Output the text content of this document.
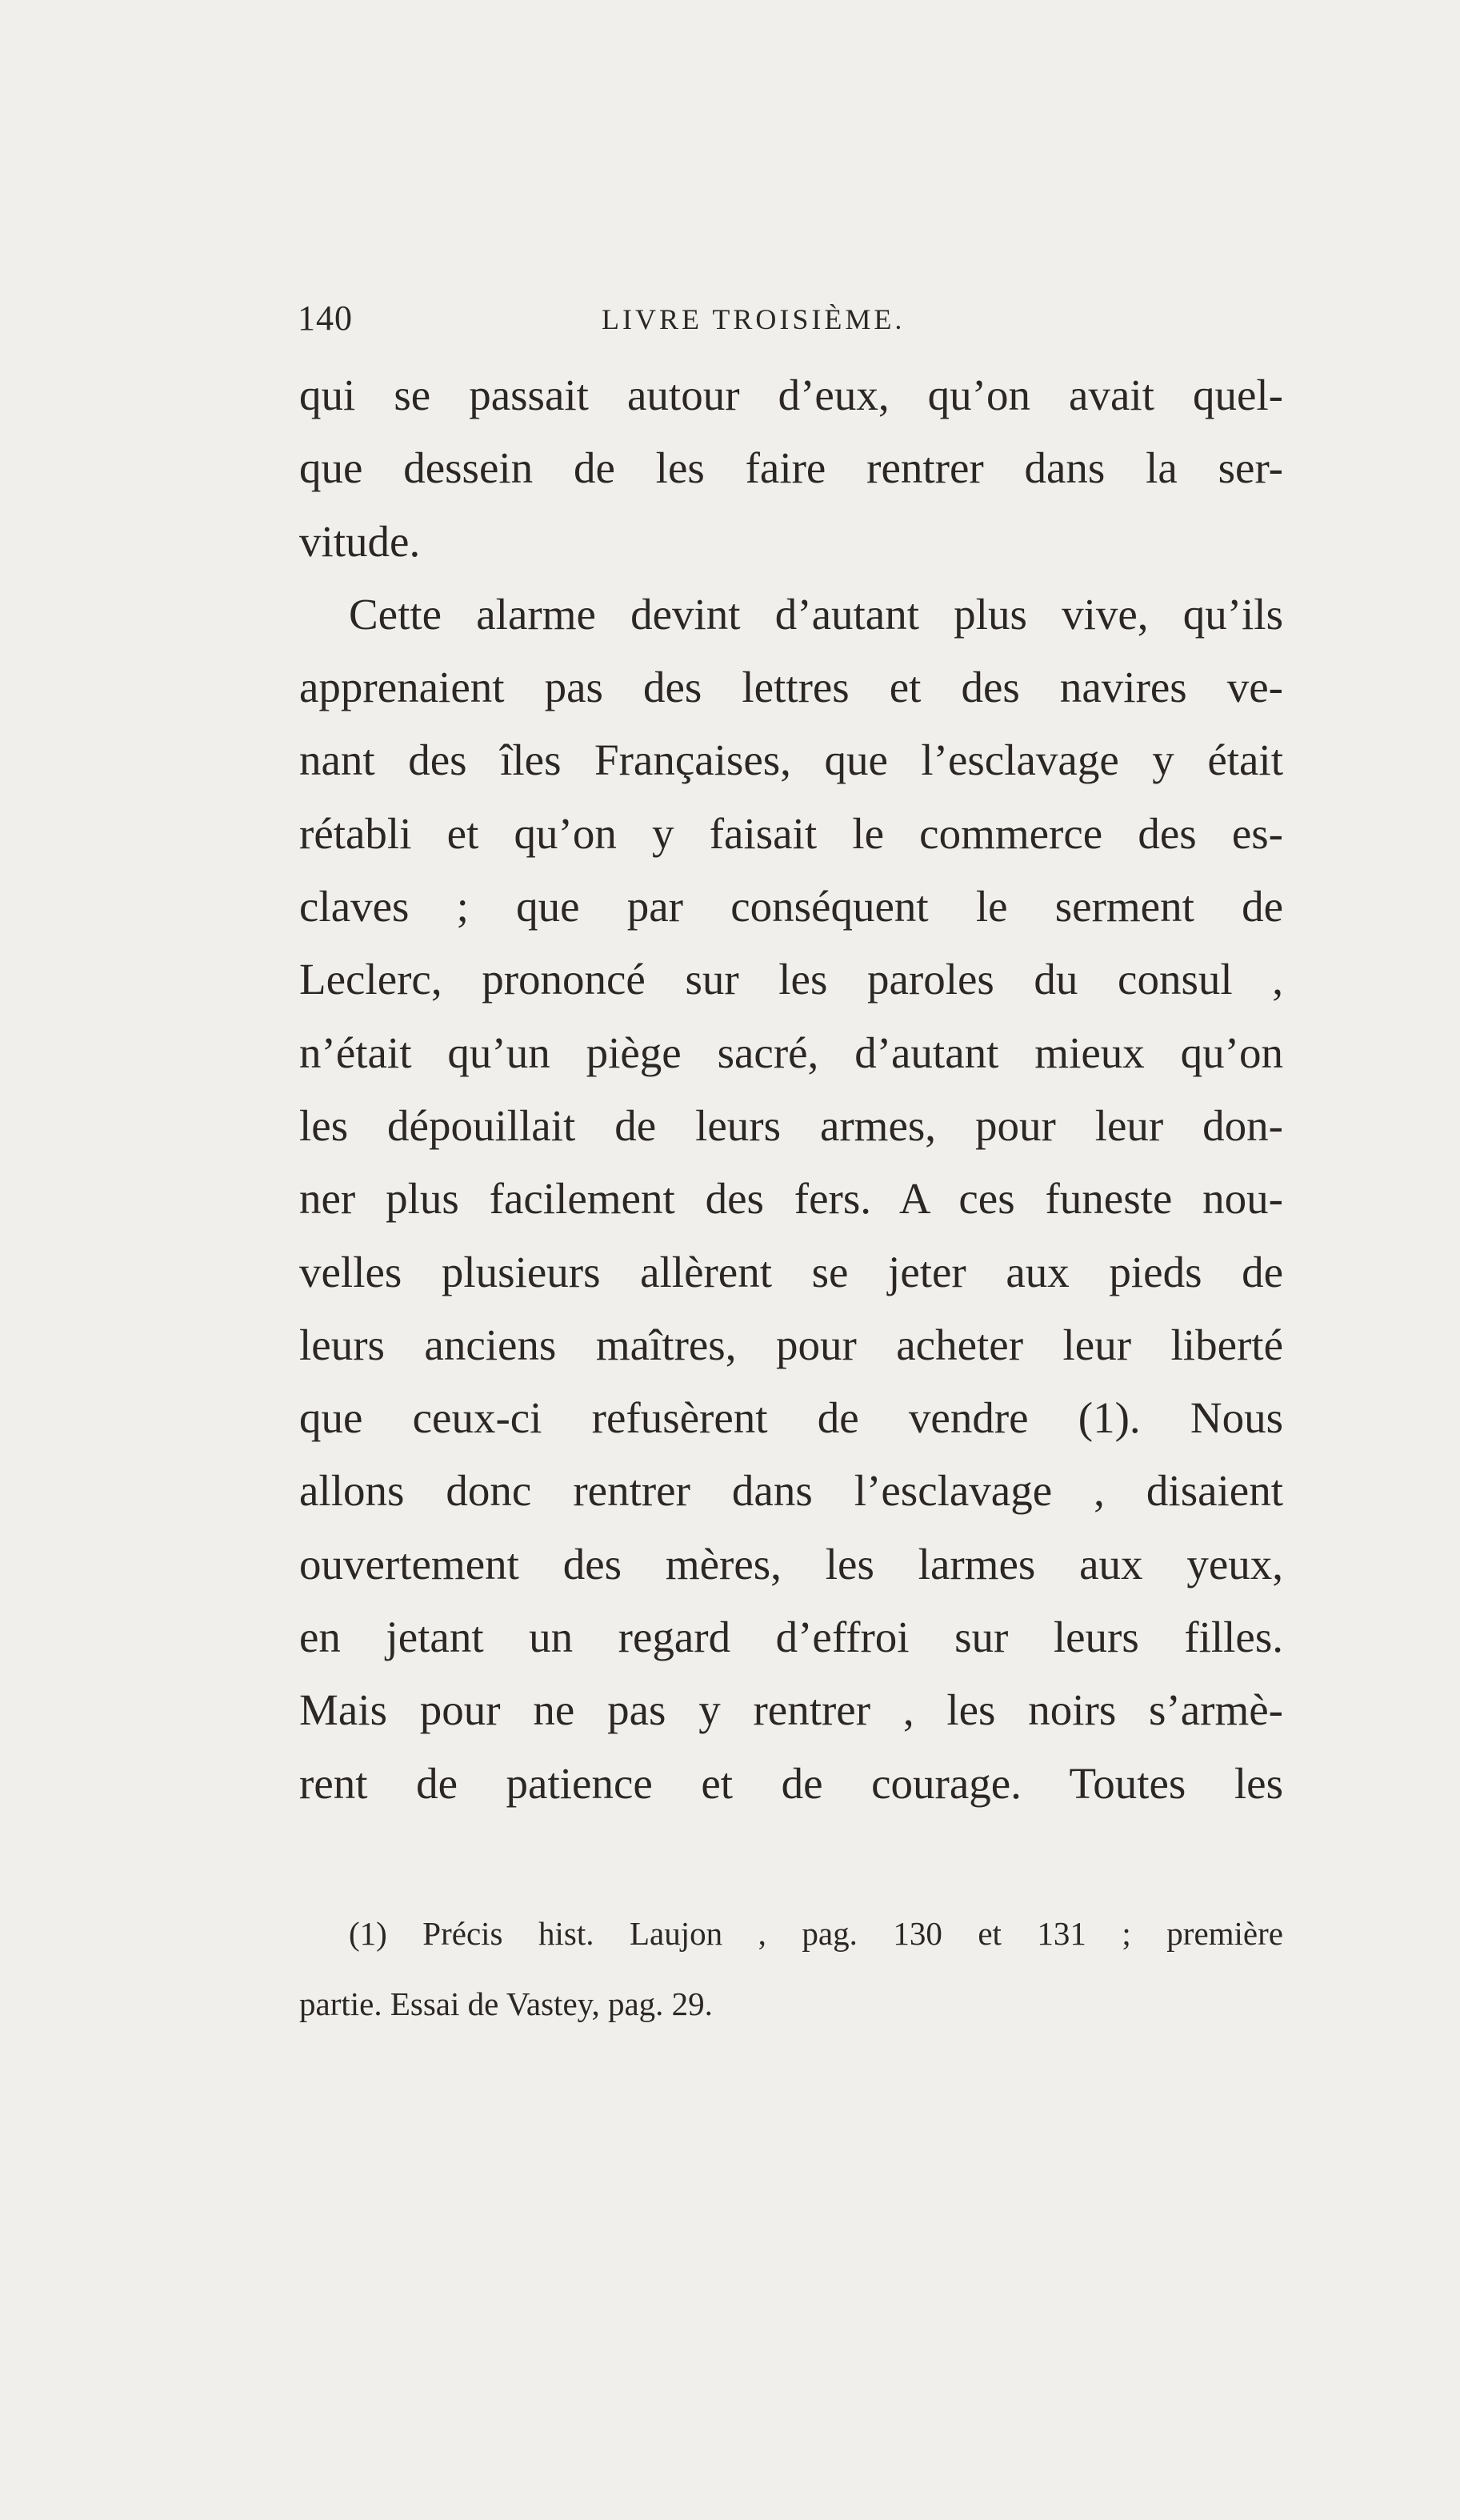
140	LIVRE TROISIÈME.
qui se passait autour d’eux, qu’on avait quel-
que dessein de les faire rentrer dans la ser-
vitude.
Cette alarme devint d’autant plus vive, qu’ils
apprenaient pas des lettres et des navires ve-
nant des îles Françaises, que l’esclavage y était
rétabli et qu’on y faisait le commerce des es-
claves ; que par conséquent le serment de
Leclerc, prononcé sur les paroles du consul ,
n’était qu’un piège sacré, d’autant mieux qu’on
les dépouillait de leurs armes, pour leur don-
ner plus facilement des fers. A ces funeste nou-
velles plusieurs allèrent se jeter aux pieds de
leurs anciens maîtres, pour acheter leur liberté
que ceux-ci refusèrent de vendre (1). Nous
allons donc rentrer dans l’esclavage , disaient
ouvertement des mères, les larmes aux yeux,
en jetant un regard d’effroi sur leurs filles.
Mais pour ne pas y rentrer , les noirs s’armè-
rent de patience et de courage. Toutes les
(1) Précis hist. Laujon , pag. 130 et 131 ; première
partie. Essai de Vastey, pag. 29.
